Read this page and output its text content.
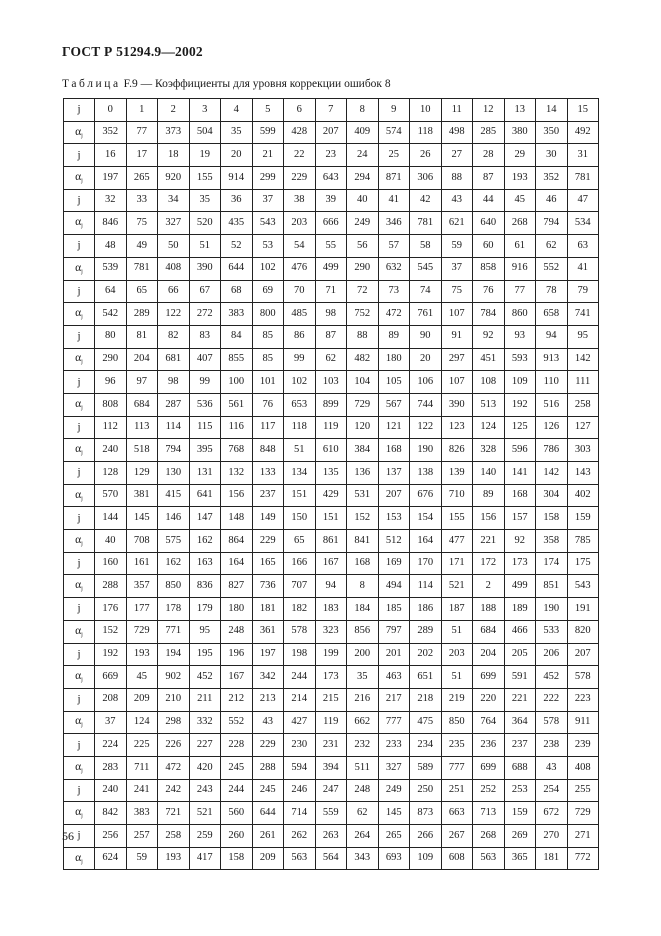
ГОСТ Р 51294.9—2002
Таблица F.9 — Коэффициенты для уровня коррекции ошибок 8
j	0	1	2	3	4	5	6	7	8	9	10	11	12	13	14	15
$\alpha_j$	352	77	373	504	35	599	428	207	409	574	118	498	285	380	350	492
j	16	17	18	19	20	21	22	23	24	25	26	27	28	29	30	31
$\alpha_j$	197	265	920	155	914	299	229	643	294	871	306	88	87	193	352	781
j	32	33	34	35	36	37	38	39	40	41	42	43	44	45	46	47
$\alpha_j$	846	75	327	520	435	543	203	666	249	346	781	621	640	268	794	534
j	48	49	50	51	52	53	54	55	56	57	58	59	60	61	62	63
$\alpha_j$	539	781	408	390	644	102	476	499	290	632	545	37	858	916	552	41
j	64	65	66	67	68	69	70	71	72	73	74	75	76	77	78	79
$\alpha_j$	542	289	122	272	383	800	485	98	752	472	761	107	784	860	658	741
j	80	81	82	83	84	85	86	87	88	89	90	91	92	93	94	95
$\alpha_j$	290	204	681	407	855	85	99	62	482	180	20	297	451	593	913	142
j	96	97	98	99	100	101	102	103	104	105	106	107	108	109	110	111
$\alpha_j$	808	684	287	536	561	76	653	899	729	567	744	390	513	192	516	258
j	112	113	114	115	116	117	118	119	120	121	122	123	124	125	126	127
$\alpha_j$	240	518	794	395	768	848	51	610	384	168	190	826	328	596	786	303
j	128	129	130	131	132	133	134	135	136	137	138	139	140	141	142	143
$\alpha_j$	570	381	415	641	156	237	151	429	531	207	676	710	89	168	304	402
j	144	145	146	147	148	149	150	151	152	153	154	155	156	157	158	159
$\alpha_j$	40	708	575	162	864	229	65	861	841	512	164	477	221	92	358	785
j	160	161	162	163	164	165	166	167	168	169	170	171	172	173	174	175
$\alpha_j$	288	357	850	836	827	736	707	94	8	494	114	521	2	499	851	543
j	176	177	178	179	180	181	182	183	184	185	186	187	188	189	190	191
$\alpha_j$	152	729	771	95	248	361	578	323	856	797	289	51	684	466	533	820
j	192	193	194	195	196	197	198	199	200	201	202	203	204	205	206	207
$\alpha_j$	669	45	902	452	167	342	244	173	35	463	651	51	699	591	452	578
j	208	209	210	211	212	213	214	215	216	217	218	219	220	221	222	223
$\alpha_j$	37	124	298	332	552	43	427	119	662	777	475	850	764	364	578	911
j	224	225	226	227	228	229	230	231	232	233	234	235	236	237	238	239
$\alpha_j$	283	711	472	420	245	288	594	394	511	327	589	777	699	688	43	408
j	240	241	242	243	244	245	246	247	248	249	250	251	252	253	254	255
$\alpha_j$	842	383	721	521	560	644	714	559	62	145	873	663	713	159	672	729
j	256	257	258	259	260	261	262	263	264	265	266	267	268	269	270	271
$\alpha_j$	624	59	193	417	158	209	563	564	343	693	109	608	563	365	181	772
56
